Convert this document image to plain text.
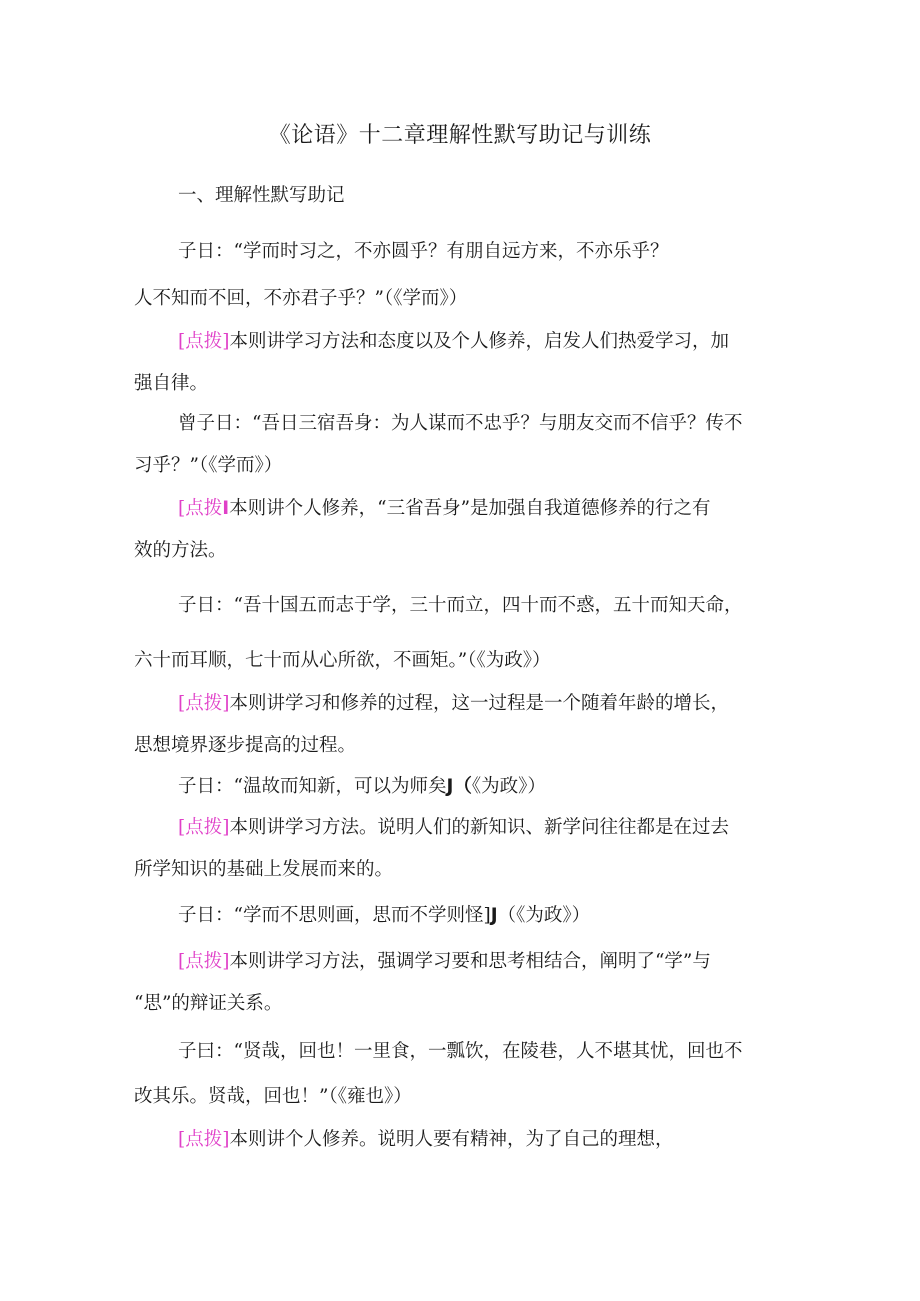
《论语》十二章理解性默写助记与训练
一、理解性默写助记
子日：“学而时习之，不亦圆乎？有朋自远方来，不亦乐乎？
人不知而不回，不亦君子乎？”（《学而》）
[点拨]本则讲学习方法和态度以及个人修养，启发人们热爱学习，加
强自律。
曾子日：“吾日三宿吾身：为人谋而不忠乎？与朋友交而不信乎？传不
习乎？”（《学而》）
[点拨I本则讲个人修养，“三省吾身”是加强自我道德修养的行之有
效的方法。
子日：“吾十国五而志于学，三十而立，四十而不惑，五十而知天命，
六十而耳顺，七十而从心所欲，不画矩。”（《为政》）
[点拨]本则讲学习和修养的过程，这一过程是一个随着年龄的增长，
思想境界逐步提高的过程。
子日：“温故而知新，可以为师矣J（《为政》）
[点拨]本则讲学习方法。说明人们的新知识、新学问往往都是在过去
所学知识的基础上发展而来的。
子日：“学而不思则画，思而不学则怪]J（《为政》）
[点拨]本则讲学习方法，强调学习要和思考相结合，阐明了“学”与
“思”的辩证关系。
子曰：“贤哉，回也！一里食，一瓢饮，在陵巷，人不堪其忧，回也不
改其乐。贤哉，回也！”（《雍也》）
[点拨]本则讲个人修养。说明人要有精神，为了自己的理想，
